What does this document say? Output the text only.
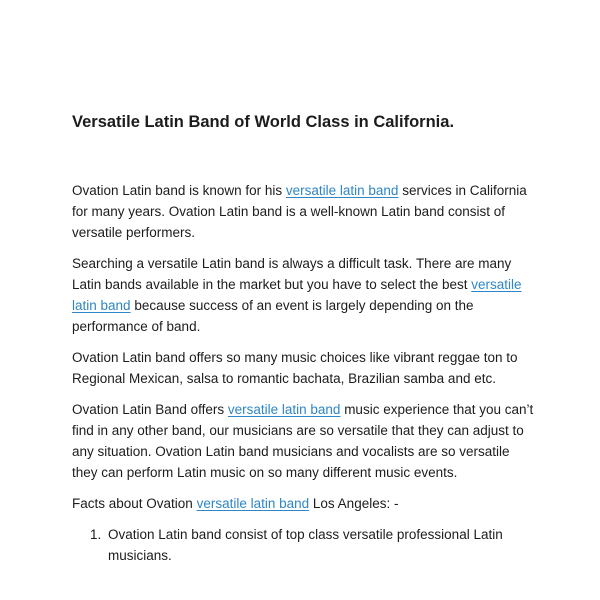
Versatile Latin Band of World Class in California.

Ovation Latin band is known for his versatile latin band services in California for many years. Ovation Latin band is a well-known Latin band consist of versatile performers.

Searching a versatile Latin band is always a difficult task. There are many Latin bands available in the market but you have to select the best versatile latin band because success of an event is largely depending on the performance of band.

Ovation Latin band offers so many music choices like vibrant reggae ton to Regional Mexican, salsa to romantic bachata, Brazilian samba and etc.

Ovation Latin Band offers versatile latin band music experience that you can’t find in any other band, our musicians are so versatile that they can adjust to any situation. Ovation Latin band musicians and vocalists are so versatile they can perform Latin music on so many different music events.

Facts about Ovation versatile latin band Los Angeles: -

1. Ovation Latin band consist of top class versatile professional Latin musicians.
